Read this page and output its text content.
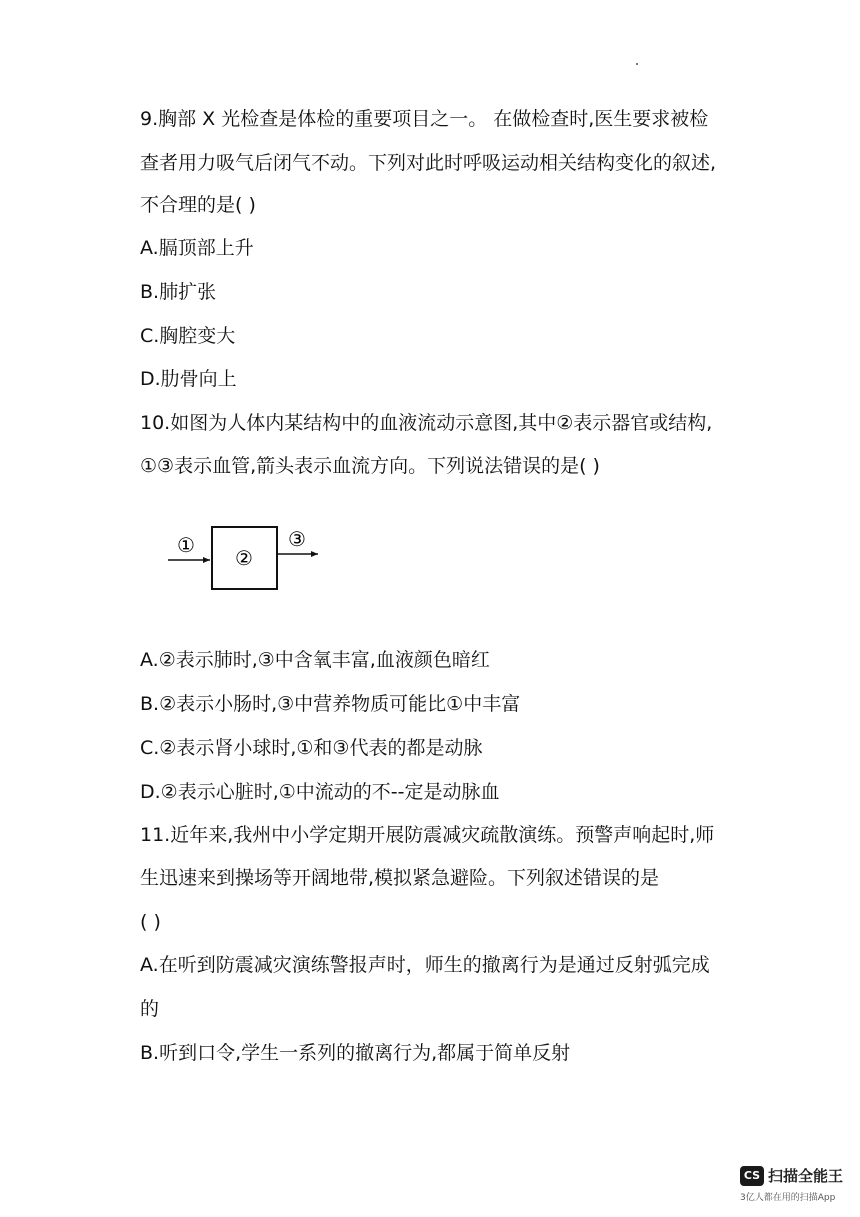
9.胸部 X 光检查是体检的重要项目之一。 在做检查时,医生要求被检
查者用力吸气后闭气不动。下列对此时呼吸运动相关结构变化的叙述,
不合理的是( )
A.膈顶部上升
B.肺扩张
C.胸腔变大
D.肋骨向上
10.如图为人体内某结构中的血液流动示意图,其中②表示器官或结构,
①③表示血管,箭头表示血流方向。下列说法错误的是( )
①
②
③
A.②表示肺时,③中含氧丰富,血液颜色暗红
B.②表示小肠时,③中营养物质可能比①中丰富
C.②表示肾小球时,①和③代表的都是动脉
D.②表示心脏时,①中流动的不--定是动脉血
11.近年来,我州中小学定期开展防震减灾疏散演练。预警声响起时,师
生迅速来到操场等开阔地带,模拟紧急避险。下列叙述错误的是
( )
A.在听到防震减灾演练警报声时，师生的撤离行为是通过反射弧完成
的
B.听到口令,学生一系列的撤离行为,都属于简单反射
CS 扫描全能王
3亿人都在用的扫描App
